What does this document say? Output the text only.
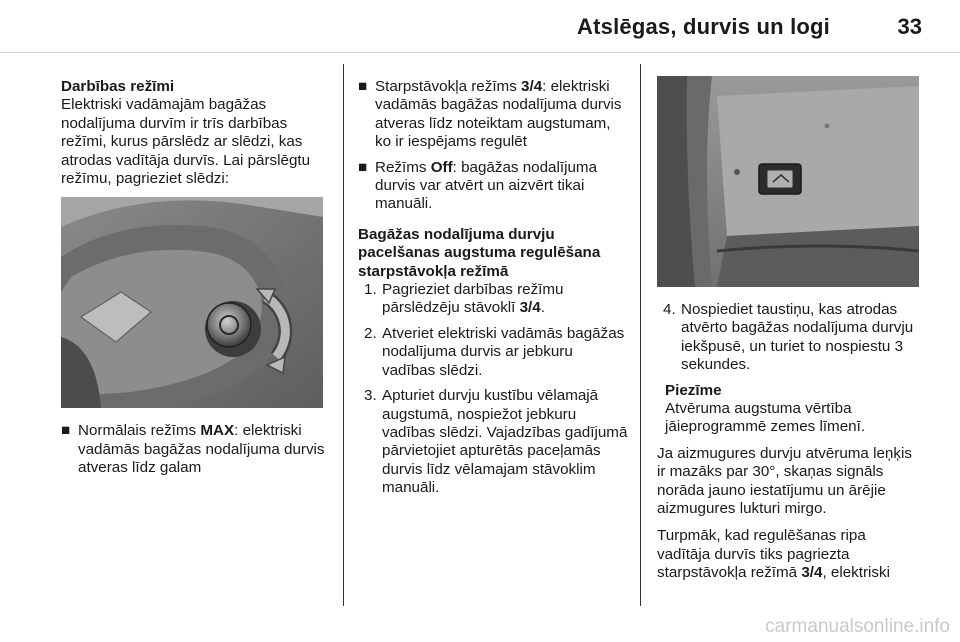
Atslēgas, durvis un logi	33
Darbības režīmi
Elektriski vadāmajām bagāžas nodalījuma durvīm ir trīs darbības režīmi, kurus pārslēdz ar slēdzi, kas atrodas vadītāja durvīs. Lai pārslēgtu režīmu, pagrieziet slēdzi:
■ Normālais režīms MAX: elektriski vadāmās bagāžas nodalījuma durvis atveras līdz galam
■ Starpstāvokļa režīms 3/4: elektriski vadāmās bagāžas nodalījuma durvis atveras līdz noteiktam augstumam, ko ir iespējams regulēt
■ Režīms Off: bagāžas nodalījuma durvis var atvērt un aizvērt tikai manuāli.
Bagāžas nodalījuma durvju pacelšanas augstuma regulēšana starpstāvokļa režīmā
1. Pagrieziet darbības režīmu pārslēdzēju stāvoklī 3/4.
2. Atveriet elektriski vadāmās bagāžas nodalījuma durvis ar jebkuru vadības slēdzi.
3. Apturiet durvju kustību vēlamajā augstumā, nospiežot jebkuru vadības slēdzi. Vajadzības gadījumā pārvietojiet apturētās paceļamās durvis līdz vēlamajam stāvoklim manuāli.
4. Nospiediet taustiņu, kas atrodas atvērto bagāžas nodalījuma durvju iekšpusē, un turiet to nospiestu 3 sekundes.
Piezīme
Atvēruma augstuma vērtība jāieprogrammē zemes līmenī.
Ja aizmugures durvju atvēruma leņķis ir mazāks par 30°, skaņas signāls norāda jauno iestatījumu un ārējie aizmugures lukturi mirgo.
Turpmāk, kad regulēšanas ripa vadītāja durvīs tiks pagriezta starpstāvokļa režīmā 3/4, elektriski
carmanualsonline.info
